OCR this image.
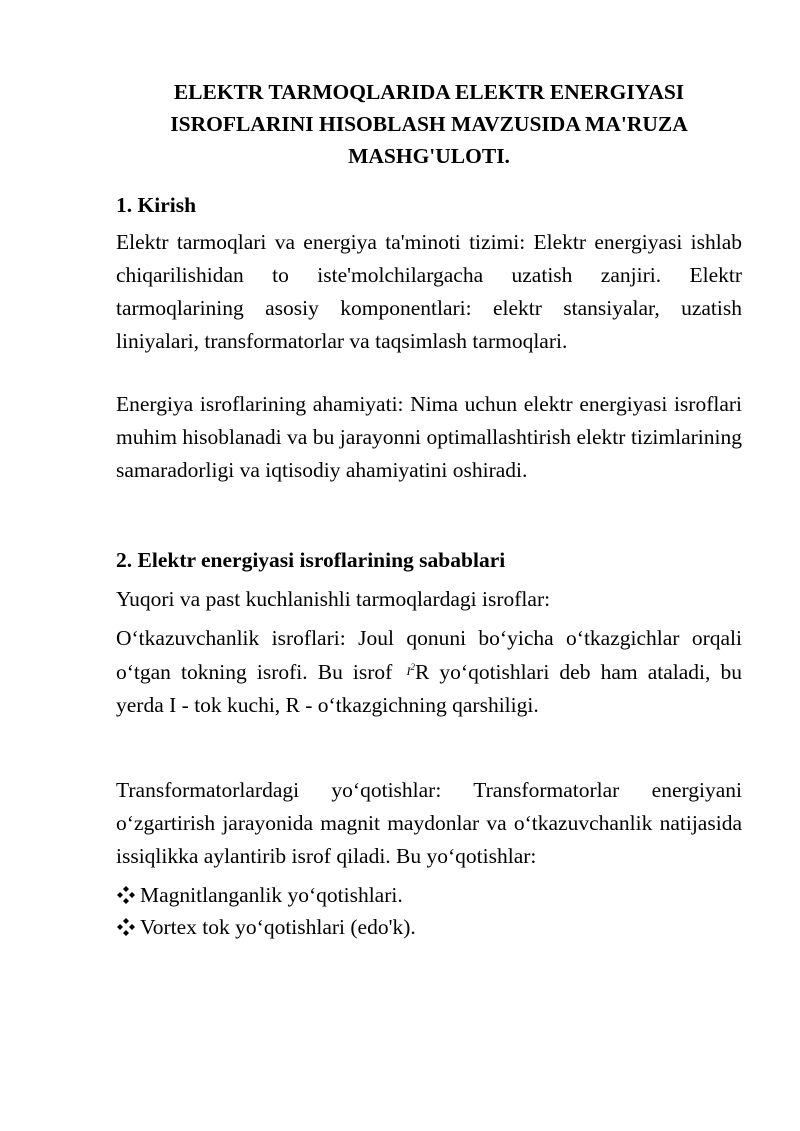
ELEKTR TARMOQLARIDA ELEKTR ENERGIYASI ISROFLARINI HISOBLASH MAVZUSIDA MA'RUZA MASHG'ULOTI.
1. Kirish

Elektr tarmoqlari va energiya ta'minoti tizimi: Elektr energiyasi ishlab chiqarilishidan to iste'molchilargacha uzatish zanjiri. Elektr tarmoqlarining asosiy komponentlari: elektr stansiyalar, uzatish liniyalari, transformatorlar va taqsimlash tarmoqlari.

Energiya isroflarining ahamiyati: Nima uchun elektr energiyasi isroflari muhim hisoblanadi va bu jarayonni optimallashtirish elektr tizimlarining samaradorligi va iqtisodiy ahamiyatini oshiradi.

2. Elektr energiyasi isroflarining sabablari

Yuqori va past kuchlanishli tarmoqlardagi isroflar:

O‘tkazuvchanlik isroflari: Joul qonuni bo‘yicha o‘tkazgichlar orqali o‘tgan tokning isrofi. Bu isrof $I^2R$ yo‘qotishlari deb ham ataladi, bu yerda I - tok kuchi, R - o‘tkazgichning qarshiligi.

Transformatorlardagi yo‘qotishlar: Transformatorlar energiyani o‘zgartirish jarayonida magnit maydonlar va o‘tkazuvchanlik natijasida issiqlikka aylantirib isrof qiladi. Bu yo‘qotishlar:

Magnitlanganlik yo‘qotishlari.
Vortex tok yo‘qotishlari (edo'k).
